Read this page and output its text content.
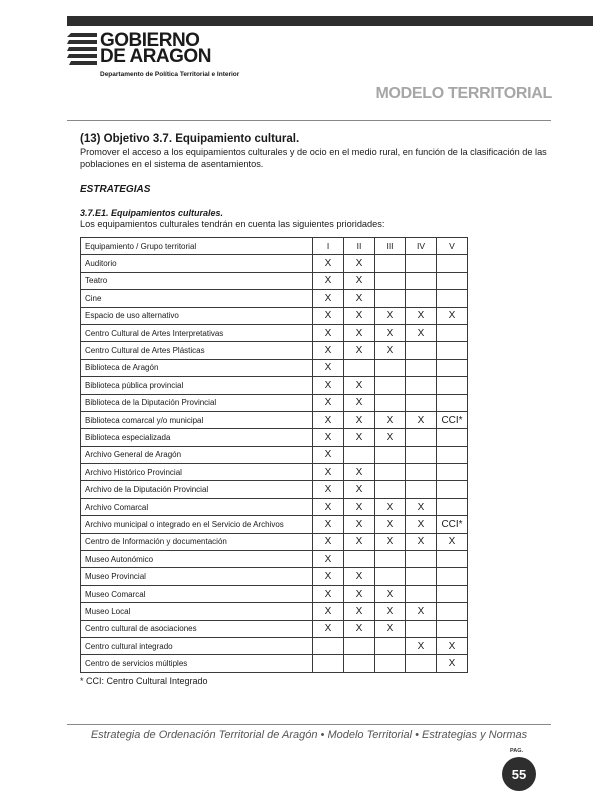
GOBIERNO
DE ARAGON
Departamento de Política Territorial e Interior
MODELO TERRITORIAL

(13) Objetivo 3.7. Equipamiento cultural.

Promover el acceso a los equipamientos culturales y de ocio en el medio rural, en función de la clasificación de las poblaciones en el sistema de asentamientos.

ESTRATEGIAS

3.7.E1. Equipamientos culturales.

Los equipamientos culturales tendrán en cuenta las siguientes prioridades:

Equipamiento / Grupo territorial	I	II	III	IV	V
Auditorio	X	X			
Teatro	X	X			
Cine	X	X			
Espacio de uso alternativo	X	X	X	X	X
Centro Cultural de Artes Interpretativas	X	X	X	X	
Centro Cultural de Artes Plásticas	X	X	X		
Biblioteca de Aragón	X				
Biblioteca pública provincial	X	X			
Biblioteca de la Diputación Provincial	X	X			
Biblioteca comarcal y/o municipal	X	X	X	X	CCI*
Biblioteca especializada	X	X	X		
Archivo General de Aragón	X				
Archivo Histórico Provincial	X	X			
Archivo de la Diputación Provincial	X	X			
Archivo Comarcal	X	X	X	X	
Archivo municipal o integrado en el Servicio de Archivos	X	X	X	X	CCI*
Centro de Información y documentación	X	X	X	X	X
Museo Autonómico	X				
Museo Provincial	X	X			
Museo Comarcal	X	X	X		
Museo Local	X	X	X	X	
Centro cultural de asociaciones	X	X	X		
Centro cultural integrado				X	X
Centro de servicios múltiples					X
* CCI: Centro Cultural Integrado
Estrategia de Ordenación Territorial de Aragón • Modelo Territorial • Estrategias y Normas
PAG.
55
